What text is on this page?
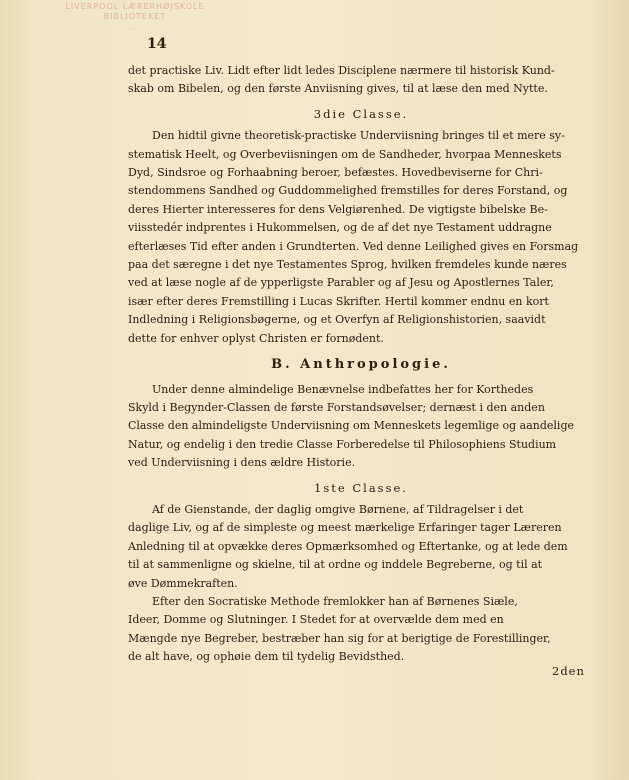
LIVERPOOL LÆRERHØJSKOLE
BIBLIOTEKET
...
14
det practiske Liv. Lidt efter lidt ledes Disciplene nærmere til historisk Kund-
skab om Bibelen, og den første Anviisning gives, til at læse den med Nytte.
3die Classe.
Den hidtil givne theoretisk-practiske Underviisning bringes til et mere sy-
stematisk Heelt, og Overbeviisningen om de Sandheder, hvorpaa Menneskets
Dyd, Sindsroe og Forhaabning beroer, befæstes. Hovedbeviserne for Chri-
stendommens Sandhed og Guddommelighed fremstilles for deres Forstand, og
deres Hierter interesseres for dens Velgiørenhed. De vigtigste bibelske Be-
viisstedér indprentes i Hukommelsen, og de af det nye Testament uddragne
efterlæses Tid efter anden i Grundterten. Ved denne Leilighed gives en Forsmag
paa det særegne i det nye Testamentes Sprog, hvilken fremdeles kunde næres
ved at læse nogle af de ypperligste Parabler og af Jesu og Apostlernes Taler,
især efter deres Fremstilling i Lucas Skrifter. Hertil kommer endnu en kort
Indledning i Religionsbøgerne, og et Overfyn af Religionshistorien, saavidt
dette for enhver oplyst Christen er fornødent.
B. Anthropologie.
Under denne almindelige Benævnelse indbefattes her for Korthedes
Skyld i Begynder-Classen de første Forstandsøvelser; dernæst i den anden
Classe den almindeligste Underviisning om Menneskets legemlige og aandelige
Natur, og endelig i den tredie Classe Forberedelse til Philosophiens Studium
ved Underviisning i dens ældre Historie.
1ste Classe.
Af de Gienstande, der daglig omgive Børnene, af Tildragelser i det
daglige Liv, og af de simpleste og meest mærkelige Erfaringer tager Læreren
Anledning til at opvække deres Opmærksomhed og Eftertanke, og at lede dem
til at sammenligne og skielne, til at ordne og inddele Begreberne, og til at
øve Dømmekraften.
Efter den Socratiske Methode fremlokker han af Børnenes Siæle,
Ideer, Domme og Slutninger. I Stedet for at overvælde dem med en
Mængde nye Begreber, bestræber han sig for at berigtige de Forestillinger,
de alt have, og ophøie dem til tydelig Bevidsthed.
2den
